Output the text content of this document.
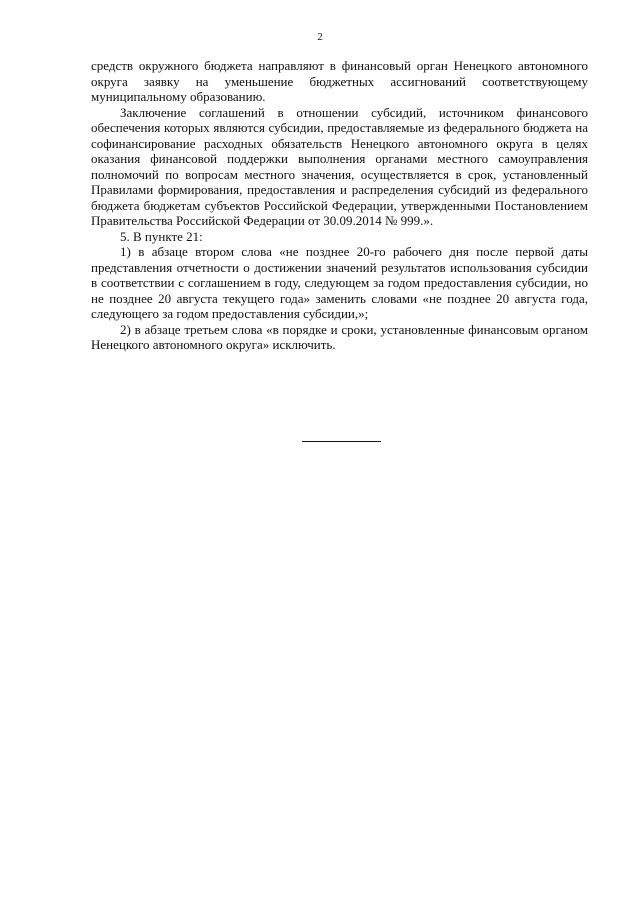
2

средств окружного бюджета направляют в финансовый орган Ненецкого автономного округа заявку на уменьшение бюджетных ассигнований соответствующему муниципальному образованию.

Заключение соглашений в отношении субсидий, источником финансового обеспечения которых являются субсидии, предоставляемые из федерального бюджета на софинансирование расходных обязательств Ненецкого автономного округа в целях оказания финансовой поддержки выполнения органами местного самоуправления полномочий по вопросам местного значения, осуществляется в срок, установленный Правилами формирования, предоставления и распределения субсидий из федерального бюджета бюджетам субъектов Российской Федерации, утвержденными Постановлением Правительства Российской Федерации от 30.09.2014 № 999.».

5. В пункте 21:

1) в абзаце втором слова «не позднее 20-го рабочего дня после первой даты представления отчетности о достижении значений результатов использования субсидии в соответствии с соглашением в году, следующем за годом предоставления субсидии, но не позднее 20 августа текущего года» заменить словами «не позднее 20 августа года, следующего за годом предоставления субсидии,»;

2) в абзаце третьем слова «в порядке и сроки, установленные финансовым органом Ненецкого автономного округа» исключить.
